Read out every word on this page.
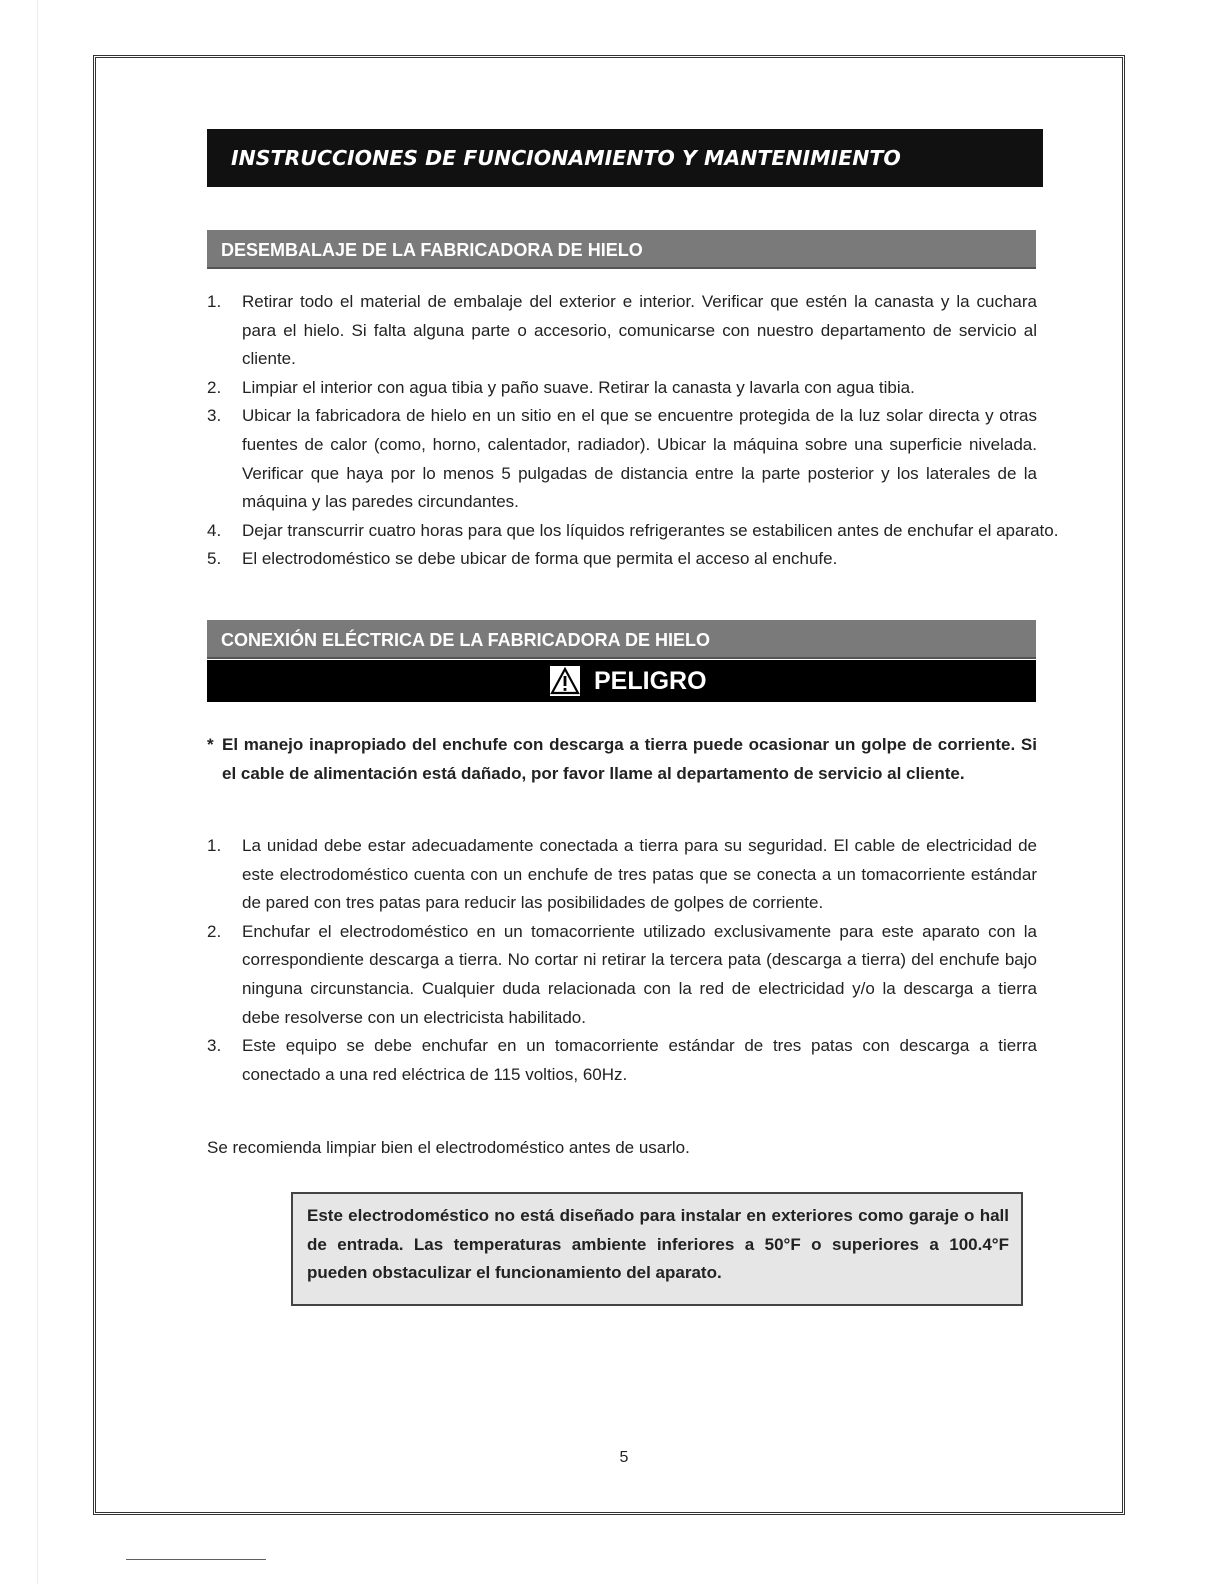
INSTRUCCIONES DE FUNCIONAMIENTO Y MANTENIMIENTO
DESEMBALAJE DE LA FABRICADORA DE HIELO
1. Retirar todo el material de embalaje del exterior e interior. Verificar que estén la canasta y la cuchara para el hielo. Si falta alguna parte o accesorio, comunicarse con nuestro departamento de servicio al cliente.
2. Limpiar el interior con agua tibia y paño suave. Retirar la canasta y lavarla con agua tibia.
3. Ubicar la fabricadora de hielo en un sitio en el que se encuentre protegida de la luz solar directa y otras fuentes de calor (como, horno, calentador, radiador). Ubicar la máquina sobre una superficie nivelada. Verificar que haya por lo menos 5 pulgadas de distancia entre la parte posterior y los laterales de la máquina y las paredes circundantes.
4. Dejar transcurrir cuatro horas para que los líquidos refrigerantes se estabilicen antes de enchufar el aparato.
5. El electrodoméstico se debe ubicar de forma que permita el acceso al enchufe.
CONEXIÓN ELÉCTRICA DE LA FABRICADORA DE HIELO
PELIGRO
* El manejo inapropiado del enchufe con descarga a tierra puede ocasionar un golpe de corriente. Si el cable de alimentación está dañado, por favor llame al departamento de servicio al cliente.
1. La unidad debe estar adecuadamente conectada a tierra para su seguridad. El cable de electricidad de este electrodoméstico cuenta con un enchufe de tres patas que se conecta a un tomacorriente estándar de pared con tres patas para reducir las posibilidades de golpes de corriente.
2. Enchufar el electrodoméstico en un tomacorriente utilizado exclusivamente para este aparato con la correspondiente descarga a tierra. No cortar ni retirar la tercera pata (descarga a tierra) del enchufe bajo ninguna circunstancia. Cualquier duda relacionada con la red de electricidad y/o la descarga a tierra debe resolverse con un electricista habilitado.
3. Este equipo se debe enchufar en un tomacorriente estándar de tres patas con descarga a tierra conectado a una red eléctrica de 115 voltios, 60Hz.
Se recomienda limpiar bien el electrodoméstico antes de usarlo.
Este electrodoméstico no está diseñado para instalar en exteriores como garaje o hall de entrada. Las temperaturas ambiente inferiores a 50°F o superiores a 100.4°F pueden obstaculizar el funcionamiento del aparato.
5
